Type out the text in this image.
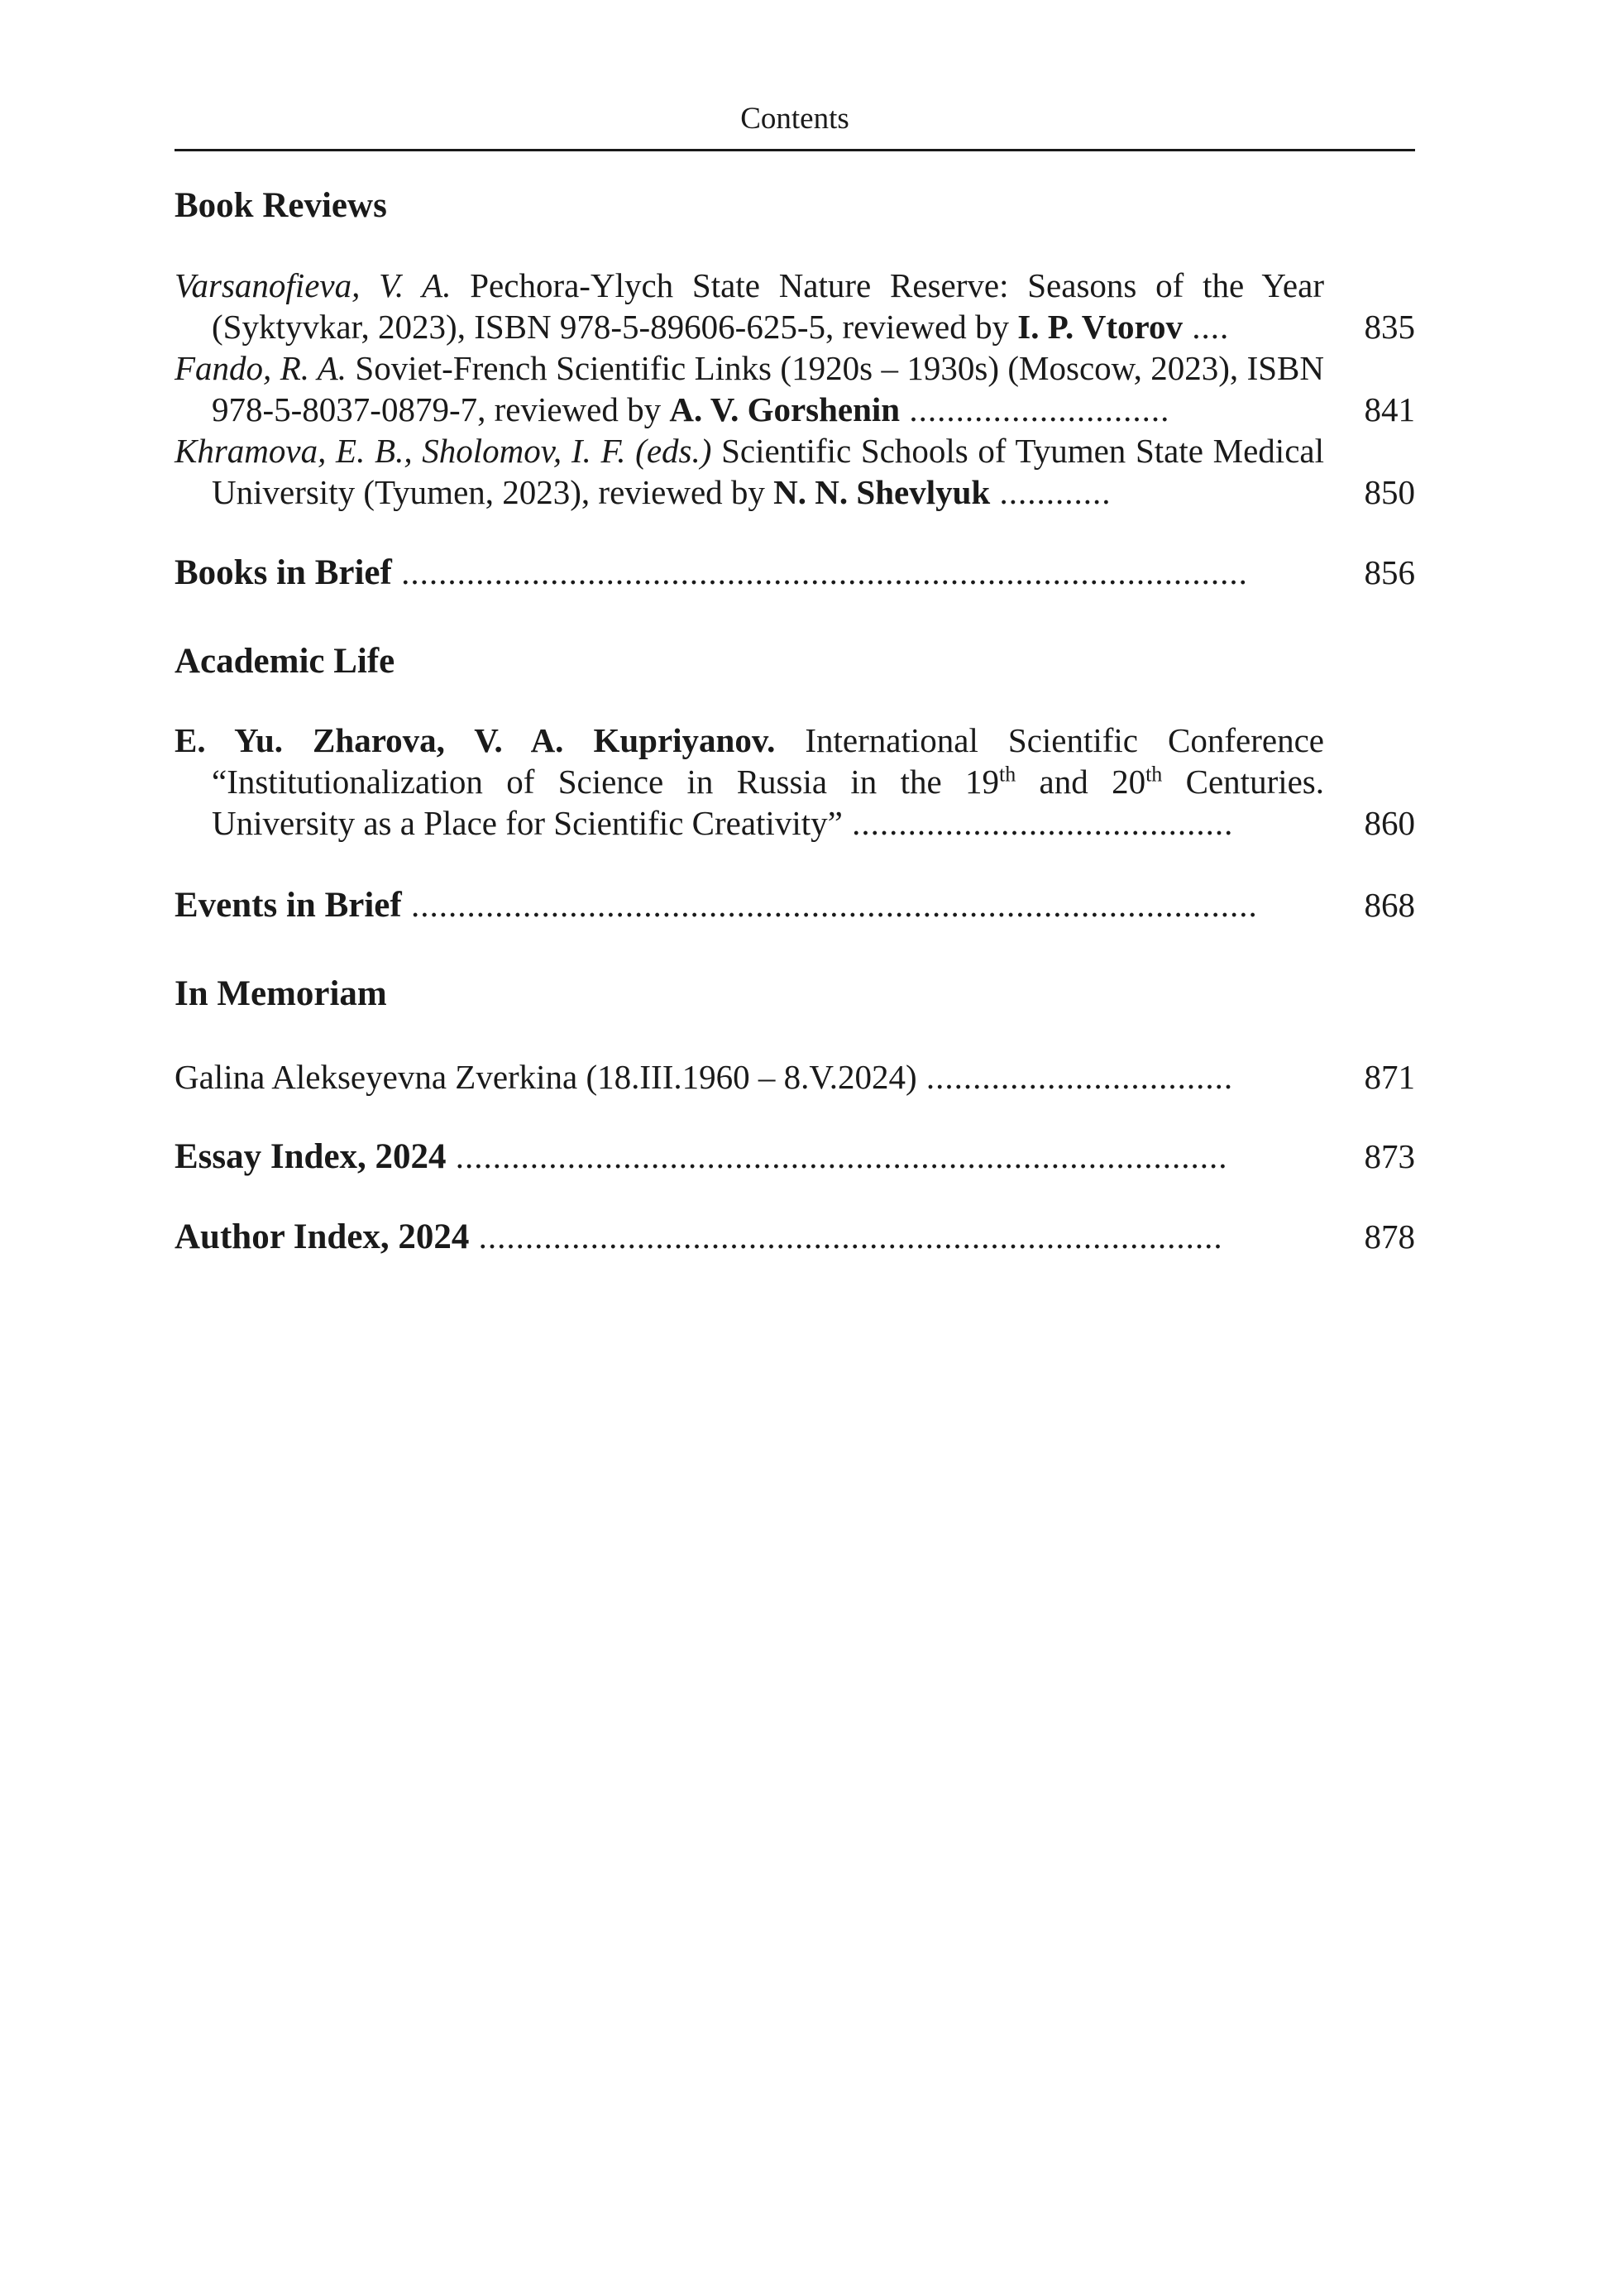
Contents
Book Reviews
Varsanofieva, V. A. Pechora-Ylych State Nature Reserve: Seasons of the Year (Syktyvkar, 2023), ISBN 978-5-89606-625-5, reviewed by I. P. Vtorov ....	835
Fando, R. A. Soviet-French Scientific Links (1920s – 1930s) (Moscow, 2023), ISBN 978-5-8037-0879-7, reviewed by A. V. Gorshenin ............................	841
Khramova, E. B., Sholomov, I. F. (eds.) Scientific Schools of Tyumen State Medical University (Tyumen, 2023), reviewed by N. N. Shevlyuk ............	850
Books in Brief ...........................................................................................	856
Academic Life
E. Yu. Zharova, V. A. Kupriyanov. International Scientific Conference “Institutionalization of Science in Russia in the 19th and 20th Centuries. University as a Place for Scientific Creativity” .........................................	860
Events in Brief ...........................................................................................	868
In Memoriam
Galina Alekseyevna Zverkina (18.III.1960 – 8.V.2024) .................................	871
Essay Index, 2024 ...................................................................................	873
Author Index, 2024 ................................................................................	878
